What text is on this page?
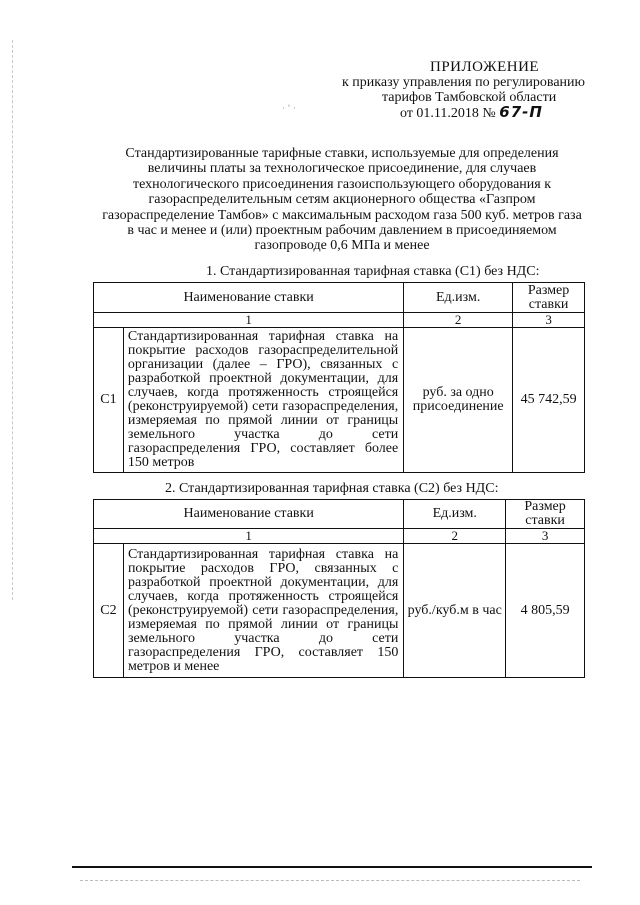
ПРИЛОЖЕНИЕ
к приказу управления по регулированию
тарифов Тамбовской области
от 01.11.2018 № 67-П
· ' ·
Стандартизированные тарифные ставки, используемые для определения величины платы за технологическое присоединение, для случаев технологического присоединения газоиспользующего оборудования к газораспределительным сетям акционерного общества «Газпром газораспределение Тамбов» с максимальным расходом газа 500 куб. метров газа в час и менее и (или) проектным рабочим давлением в присоединяемом газопроводе 0,6 МПа и менее
1. Стандартизированная тарифная ставка (С1) без НДС:
Наименование ставки		Ед.изм.	Размер ставки
1		2	3
С1	Стандартизированная тарифная ставка на покрытие расходов газораспределительной организации (далее – ГРО), связанных с разработкой проектной документации, для случаев, когда протяженность строящейся (реконструируемой) сети газораспределения, измеряемая по прямой линии от границы земельного участка до сети газораспределения ГРО, составляет более 150 метров	руб. за одно присоединение	45 742,59
2. Стандартизированная тарифная ставка (С2) без НДС:
Наименование ставки		Ед.изм.	Размер ставки
1		2	3
С2	Стандартизированная тарифная ставка на покрытие расходов ГРО, связанных с разработкой проектной документации, для случаев, когда протяженность строящейся (реконструируемой) сети газораспределения, измеряемая по прямой линии от границы земельного участка до сети газораспределения ГРО, составляет 150 метров и менее	руб./куб.м в час	4 805,59
